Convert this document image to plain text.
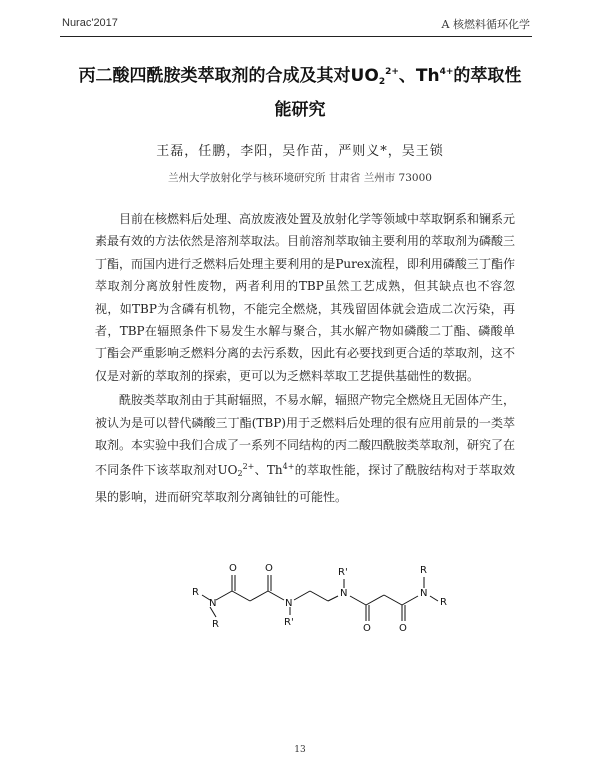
Nurac'2017	A 核燃料循环化学
丙二酸四酰胺类萃取剂的合成及其对$UO_2^{2+}$、$Th^{4+}$的萃取性
能研究
王磊，任鹏，李阳，吴作苗，严则义*，吴王锁
兰州大学放射化学与核环境研究所 甘肃省 兰州市 73000

目前在核燃料后处理、高放废液处置及放射化学等领域中萃取锕系和镧系元素最有效的方法依然是溶剂萃取法。目前溶剂萃取铀主要利用的萃取剂为磷酸三丁酯，而国内进行乏燃料后处理主要利用的是Purex流程，即利用磷酸三丁酯作萃取剂分离放射性废物，两者利用的TBP虽然工艺成熟，但其缺点也不容忽视，如TBP为含磷有机物，不能完全燃烧，其残留固体就会造成二次污染，再者，TBP在辐照条件下易发生水解与聚合，其水解产物如磷酸二丁酯、磷酸单丁酯会严重影响乏燃料分离的去污系数，因此有必要找到更合适的萃取剂，这不仅是对新的萃取剂的探索，更可以为乏燃料萃取工艺提供基础性的数据。

酰胺类萃取剂由于其耐辐照，不易水解，辐照产物完全燃烧且无固体产生，被认为是可以替代磷酸三丁酯(TBP)用于乏燃料后处理的很有应用前景的一类萃取剂。本实验中我们合成了一系列不同结构的丙二酸四酰胺类萃取剂，研究了在不同条件下该萃取剂对$UO_2^{2+}$、$Th^{4+}$的萃取性能，探讨了酰胺结构对于萃取效果的影响，进而研究萃取剂分离铀钍的可能性。

R
N
R
O	O
N
R'
N
R'
O	O
N
R
R
13
